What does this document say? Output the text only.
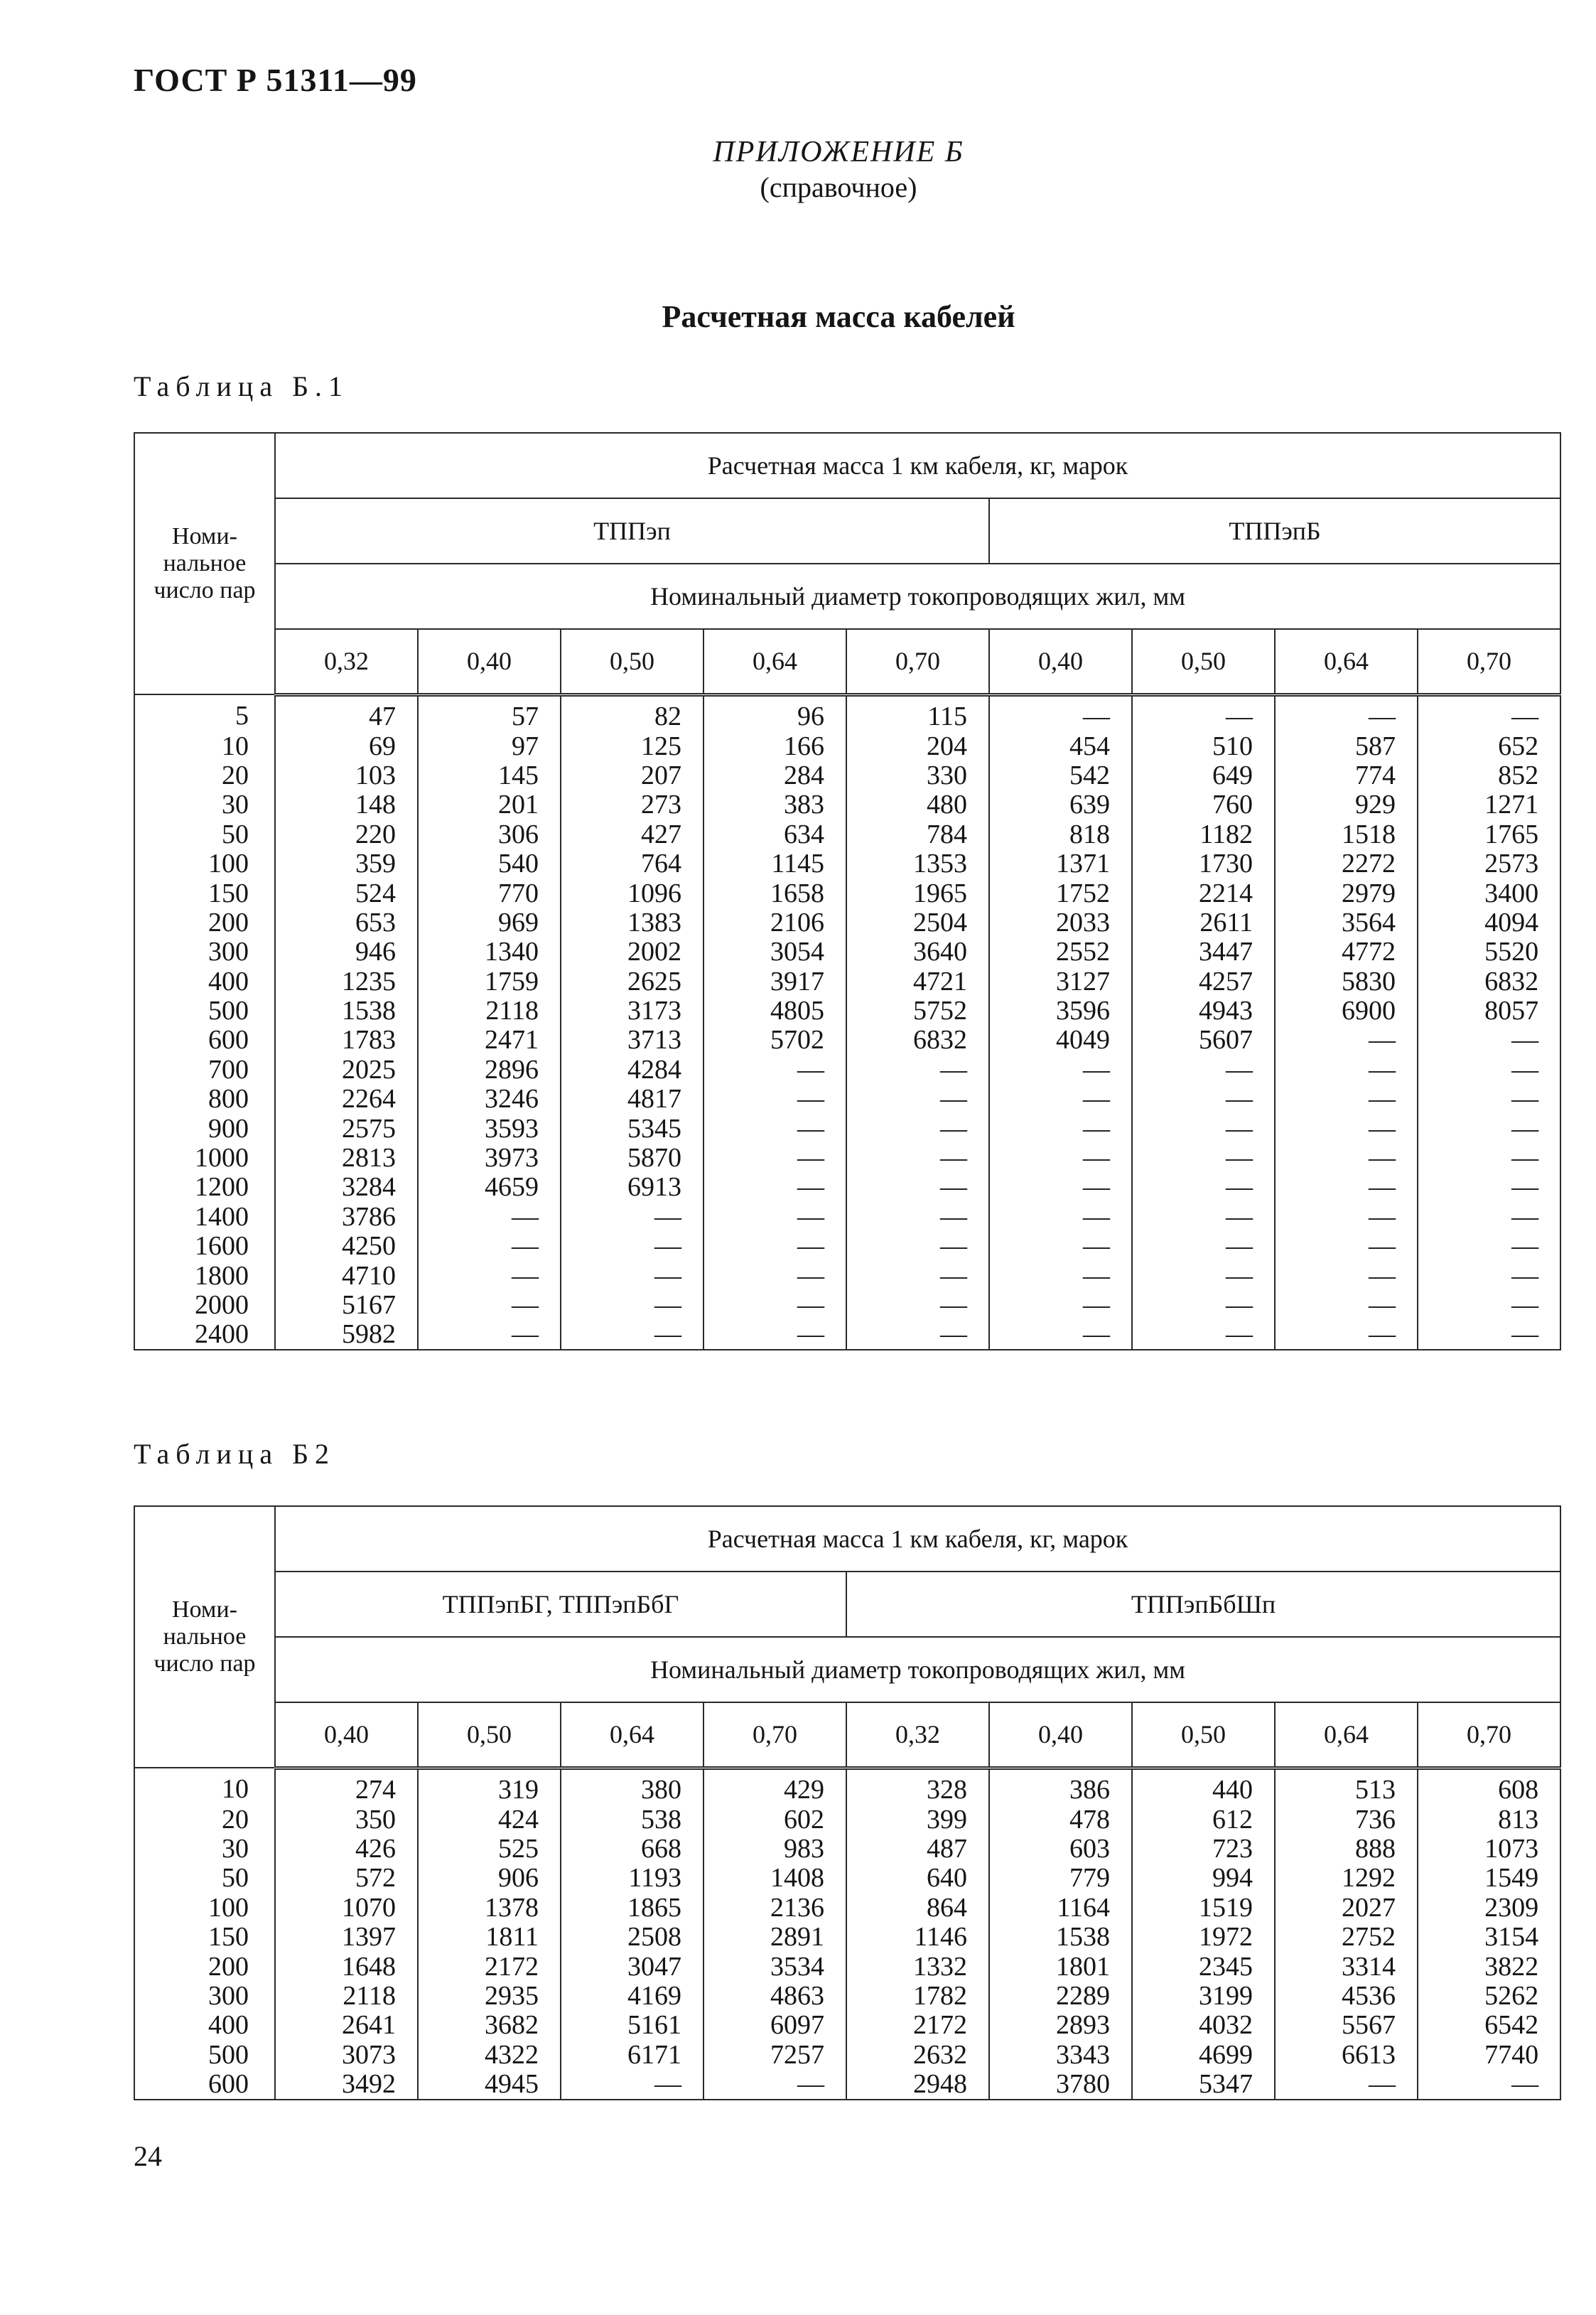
ГОСТ Р 51311—99
ПРИЛОЖЕНИЕ Б
(справочное)
Расчетная масса кабелей
Таблица Б.1
Номи-
нальное
число пар	Расчетная масса 1 км кабеля, кг, марок								
	ТППэп					ТППэпБ			
	Номинальный диаметр токопроводящих жил, мм								
	0,32	0,40	0,50	0,64	0,70	0,40	0,50	0,64	0,70
5	47	57	82	96	115	—	—	—	—
10	69	97	125	166	204	454	510	587	652
20	103	145	207	284	330	542	649	774	852
30	148	201	273	383	480	639	760	929	1271
50	220	306	427	634	784	818	1182	1518	1765
100	359	540	764	1145	1353	1371	1730	2272	2573
150	524	770	1096	1658	1965	1752	2214	2979	3400
200	653	969	1383	2106	2504	2033	2611	3564	4094
300	946	1340	2002	3054	3640	2552	3447	4772	5520
400	1235	1759	2625	3917	4721	3127	4257	5830	6832
500	1538	2118	3173	4805	5752	3596	4943	6900	8057
600	1783	2471	3713	5702	6832	4049	5607	—	—
700	2025	2896	4284	—	—	—	—	—	—
800	2264	3246	4817	—	—	—	—	—	—
900	2575	3593	5345	—	—	—	—	—	—
1000	2813	3973	5870	—	—	—	—	—	—
1200	3284	4659	6913	—	—	—	—	—	—
1400	3786	—	—	—	—	—	—	—	—
1600	4250	—	—	—	—	—	—	—	—
1800	4710	—	—	—	—	—	—	—	—
2000	5167	—	—	—	—	—	—	—	—
2400	5982	—	—	—	—	—	—	—	—
Таблица Б2
Номи-
нальное
число пар	Расчетная масса 1 км кабеля, кг, марок								
	ТППэпБГ, ТППэпБбГ				ТППэпБбШп				
	Номинальный диаметр токопроводящих жил, мм								
	0,40	0,50	0,64	0,70	0,32	0,40	0,50	0,64	0,70
10	274	319	380	429	328	386	440	513	608
20	350	424	538	602	399	478	612	736	813
30	426	525	668	983	487	603	723	888	1073
50	572	906	1193	1408	640	779	994	1292	1549
100	1070	1378	1865	2136	864	1164	1519	2027	2309
150	1397	1811	2508	2891	1146	1538	1972	2752	3154
200	1648	2172	3047	3534	1332	1801	2345	3314	3822
300	2118	2935	4169	4863	1782	2289	3199	4536	5262
400	2641	3682	5161	6097	2172	2893	4032	5567	6542
500	3073	4322	6171	7257	2632	3343	4699	6613	7740
600	3492	4945	—	—	2948	3780	5347	—	—
24
